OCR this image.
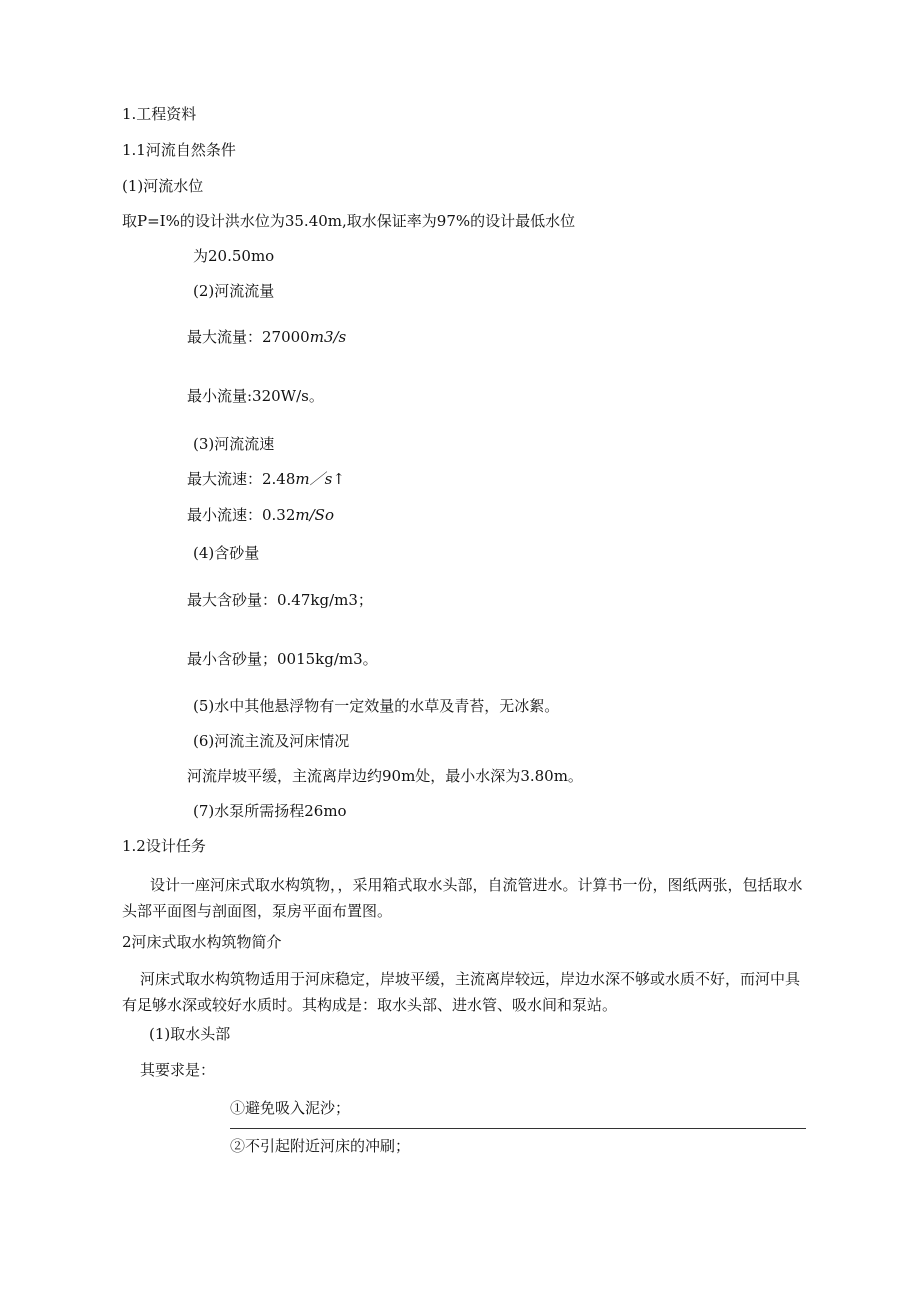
1.工程资料
1.1河流自然条件
(1)河流水位
取P=I%的设计洪水位为35.40m,取水保证率为97%的设计最低水位
为20.50mo
(2)河流流量
最大流量：27000m3/s
最小流量:320W/s。
(3)河流流速
最大流速：2.48m／s↑
最小流速：0.32m/So
(4)含砂量
最大含砂量：0.47kg/m3；
最小含砂量；0015kg/m3。
(5)水中其他悬浮物有一定效量的水草及青苔，无冰絮。
(6)河流主流及河床情况
河流岸坡平缓，主流离岸边约90m处，最小水深为3.80m。
(7)水泵所需扬程26mo
1.2设计任务
设计一座河床式取水构筑物，，采用箱式取水头部，自流管进水。计算书一份，图纸两张，包括取水头部平面图与剖面图，泵房平面布置图。
2河床式取水构筑物简介
河床式取水构筑物适用于河床稳定，岸坡平缓，主流离岸较远，岸边水深不够或水质不好，而河中具有足够水深或较好水质时。其构成是：取水头部、进水管、吸水间和泵站。
(1)取水头部
其要求是：
①避免吸入泥沙；
②不引起附近河床的冲刷；
